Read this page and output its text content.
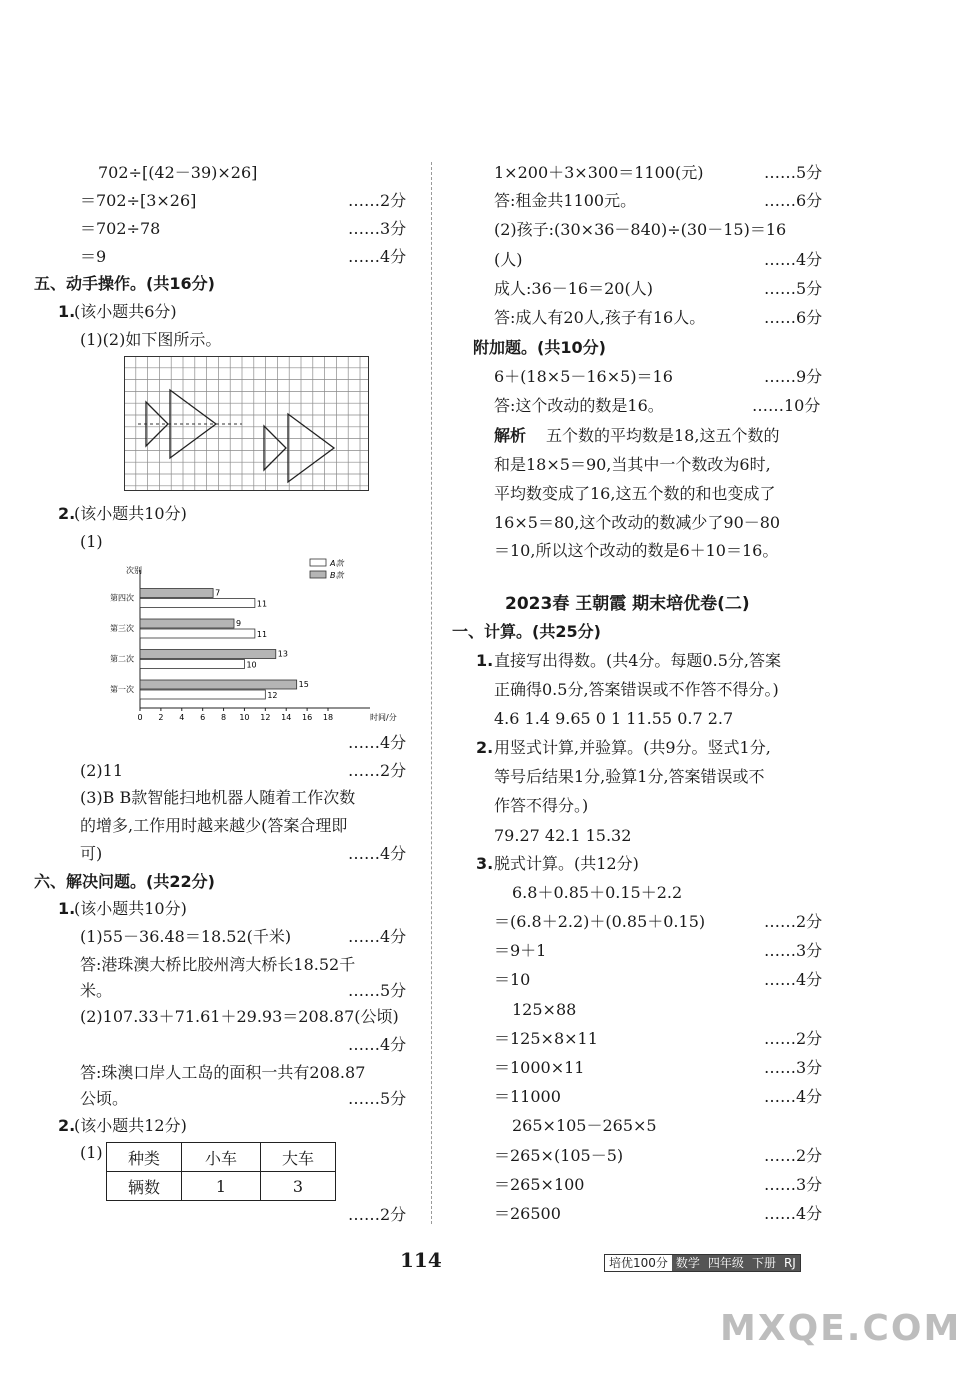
702÷[(42－39)×26]
＝702÷[3×26]	……2分
＝702÷78	……3分
＝9	……4分
五、动手操作。(共16分)
1.
(该小题共6分)
(1)(2)如下图所示。
2.
(该小题共10分)
(1)
次别
时间/分
0 2 4 6 8 10 12 14 16 18
第一次
15
12
第二次
13
10
第三次
9
11
第四次
7
11
A款
B款
……4分
(2)11	……2分
(3)B B款智能扫地机器人随着工作次数
的增多,工作用时越来越少(答案合理即
可)	……4分
六、解决问题。(共22分)
1.
(该小题共10分)
(1)55－36.48＝18.52(千米)	……4分
答:港珠澳大桥比胶州湾大桥长18.52千
米。	……5分
(2)107.33＋71.61＋29.93＝208.87(公顷)
……4分
答:珠澳口岸人工岛的面积一共有208.87
公顷。	……5分
2.
(该小题共12分)
(1) 种类	小车	大车
辆数	1	3
……2分
1×200＋3×300＝1100(元)	……5分
答:租金共1100元。	……6分
(2)孩子:(30×36－840)÷(30－15)＝16
(人)	……4分
成人:36－16＝20(人)	……5分
答:成人有20人,孩子有16人。	……6分
附加题。(共10分)
6＋(18×5－16×5)＝16	……9分
答:这个改动的数是16。	……10分
解析 五个数的平均数是18,这五个数的
和是18×5＝90,当其中一个数改为6时,
平均数变成了16,这五个数的和也变成了
16×5＝80,这个改动的数减少了90－80
＝10,所以这个改动的数是6＋10＝16。
2023春 王朝霞 期末培优卷(二)
一、计算。(共25分)
1. 直接写出得数。(共4分。每题0.5分,答案
正确得0.5分,答案错误或不作答不得分。)
4.6 1.4 9.65 0 1 11.55 0.7 2.7
2. 用竖式计算,并验算。(共9分。竖式1分,
等号后结果1分,验算1分,答案错误或不
作答不得分。)
79.27 42.1 15.32
3. 脱式计算。(共12分)
6.8＋0.85＋0.15＋2.2
＝(6.8＋2.2)＋(0.85＋0.15)	……2分
＝9＋1	……3分
＝10	……4分
125×88
＝125×8×11	……2分
＝1000×11	……3分
＝11000	……4分
265×105－265×5
＝265×(105－5)	……2分
＝265×100	……3分
＝26500	……4分
114	培优100分 数学 四年级 下册 RJ
MXQE.COM
